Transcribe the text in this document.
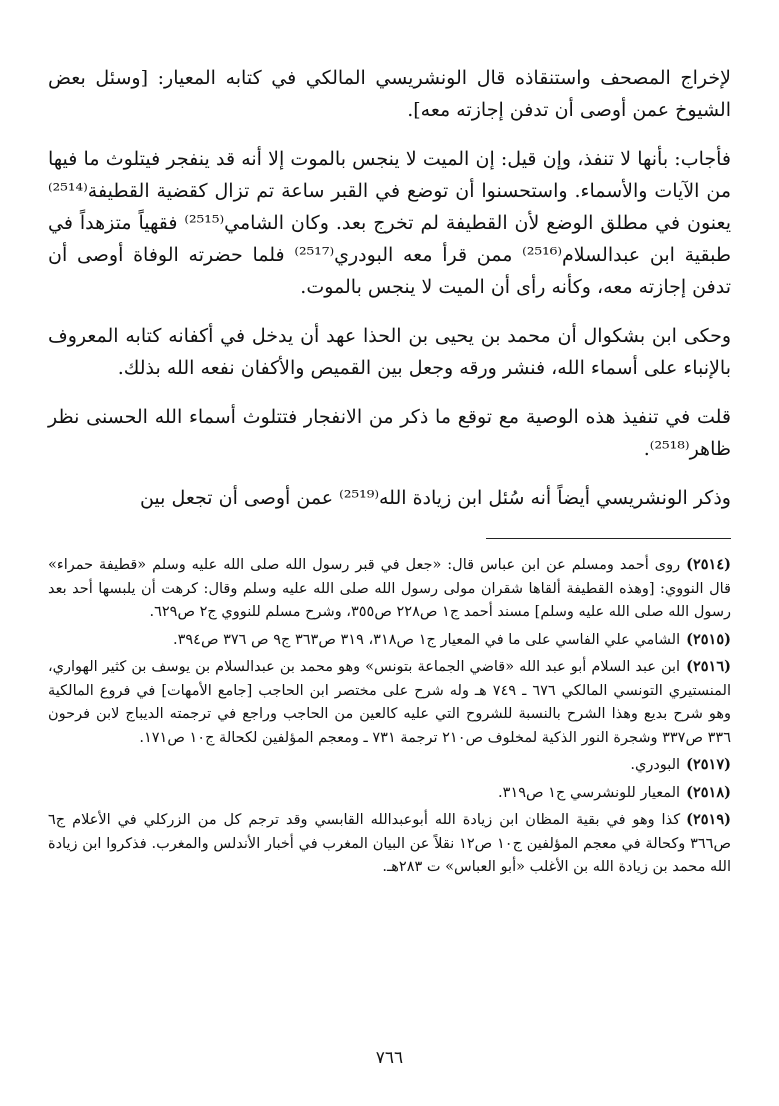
لإخراج المصحف واستنقاذه قال الونشريسي المالكي في كتابه المعيار: [وسئل بعض الشيوخ عمن أوصى أن تدفن إجازته معه].

فأجاب: بأنها لا تنفذ، وإن قيل: إن الميت لا ينجس بالموت إلا أنه قد ينفجر فيتلوث ما فيها من الآيات والأسماء. واستحسنوا أن توضع في القبر ساعة تم تزال كقضية القطيفة⁽²⁵¹⁴⁾ يعنون في مطلق الوضع لأن القطيفة لم تخرج بعد. وكان الشامي⁽²⁵¹⁵⁾ فقهياً متزهداً في طبقية ابن عبدالسلام⁽²⁵¹⁶⁾ ممن قرأ معه البودري⁽²⁵¹⁷⁾ فلما حضرته الوفاة أوصى أن تدفن إجازته معه، وكأنه رأى أن الميت لا ينجس بالموت.

وحكى ابن بشكوال أن محمد بن يحيى بن الحذا عهد أن يدخل في أكفانه كتابه المعروف بالإنباء على أسماء الله، فنشر ورقه وجعل بين القميص والأكفان نفعه الله بذلك.

قلت في تنفيذ هذه الوصية مع توقع ما ذكر من الانفجار فتتلوث أسماء الله الحسنى نظر ظاهر⁽²⁵¹⁸⁾.

وذكر الونشريسي أيضاً أنه سُئل ابن زيادة الله⁽²⁵¹⁹⁾ عمن أوصى أن تجعل بين

(٢٥١٤)روى أحمد ومسلم عن ابن عباس قال: «جعل في قبر رسول الله صلى الله عليه وسلم «قطيفة حمراء» قال النووي: [وهذه القطيفة ألقاها شقران مولى رسول الله صلى الله عليه وسلم وقال: كرهت أن يلبسها أحد بعد رسول الله صلى الله عليه وسلم] مسند أحمد ج١ ص٢٢٨ ص٣٥٥، وشرح مسلم للنووي ج٢ ص٦٢٩.
(٢٥١٥)الشامي علي الفاسي على ما في المعيار ج١ ص٣١٨، ٣١٩ ص٣٦٣ ج٩ ص ٣٧٦ ص٣٩٤.
(٢٥١٦)ابن عبد السلام أبو عبد الله «قاضي الجماعة بتونس» وهو محمد بن عبدالسلام بن يوسف بن كثير الهواري، المنستيري التونسي المالكي ٦٧٦ ـ ٧٤٩ هـ وله شرح على مختصر ابن الحاجب [جامع الأمهات] في فروع المالكية وهو شرح بديع وهذا الشرح بالنسبة للشروح التي عليه كالعين من الحاجب وراجع في ترجمته الديباج لابن فرحون ٣٣٦ ص٣٣٧ وشجرة النور الذكية لمخلوف ص٢١٠ ترجمة ٧٣١ ـ ومعجم المؤلفين لكحالة ج١٠ ص١٧١.
(٢٥١٧)البودري.
(٢٥١٨)المعيار للونشرسي ج١ ص٣١٩.
(٢٥١٩)كذا وهو في بقية المظان ابن زيادة الله أبوعبدالله القابسي وقد ترجم كل من الزركلي في الأعلام ج٦ ص٣٦٦ وكحالة في معجم المؤلفين ج١٠ ص١٢ نقلاً عن البيان المغرب في أخبار الأندلس والمغرب. فذكروا ابن زيادة الله محمد بن زيادة الله بن الأغلب «أبو العباس» ت ٢٨٣هـ.
٧٦٦
